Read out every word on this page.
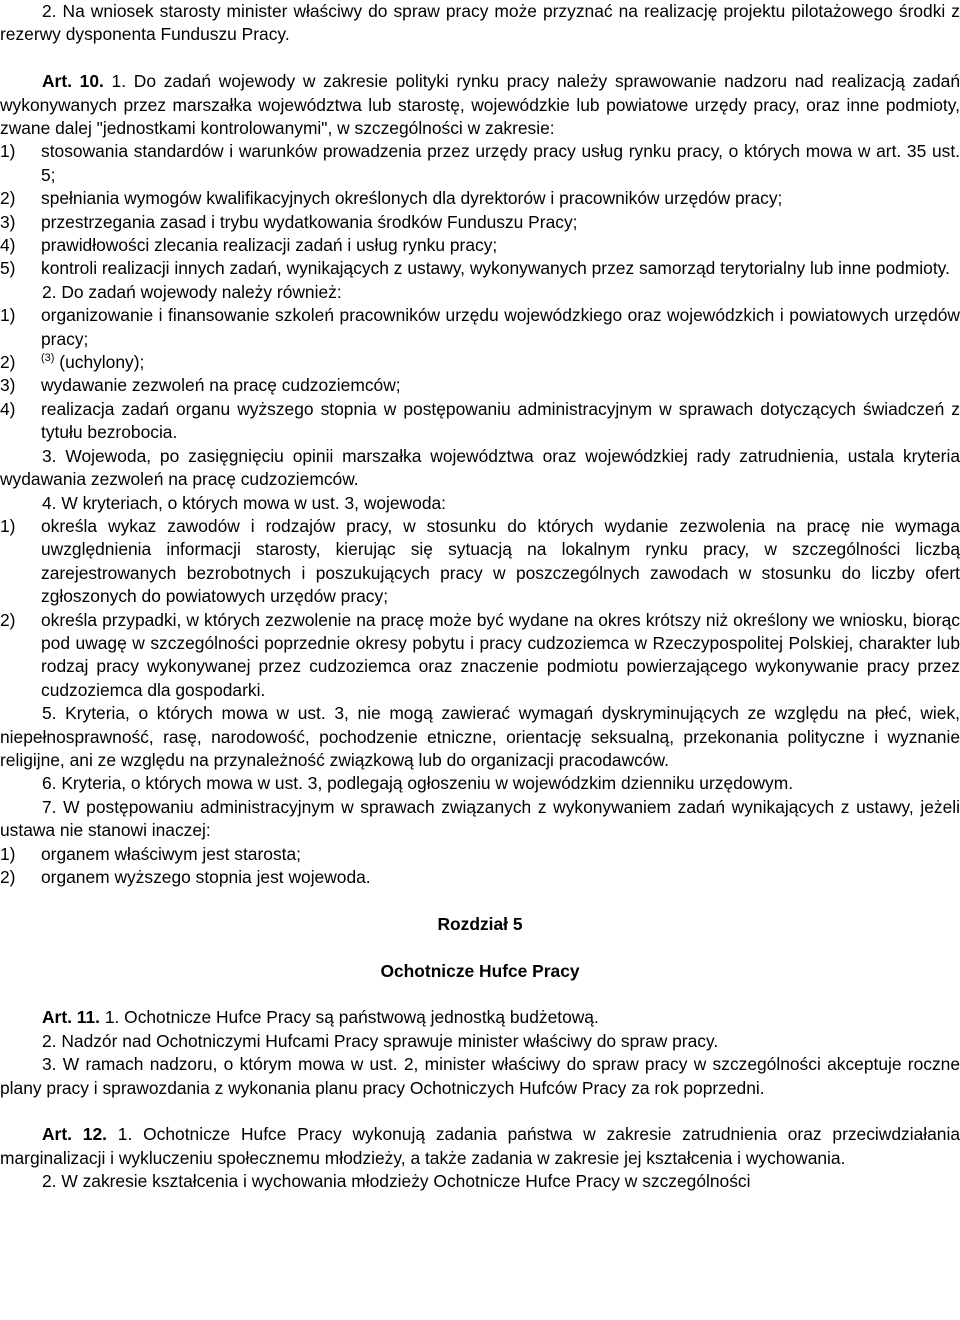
2. Na wniosek starosty minister właściwy do spraw pracy może przyznać na realizację projektu pilotażowego środki z rezerwy dysponenta Funduszu Pracy.

Art. 10. 1. Do zadań wojewody w zakresie polityki rynku pracy należy sprawowanie nadzoru nad realizacją zadań wykonywanych przez marszałka województwa lub starostę, wojewódzkie lub powiatowe urzędy pracy, oraz inne podmioty, zwane dalej "jednostkami kontrolowanymi", w szczególności w zakresie:

1)	stosowania standardów i warunków prowadzenia przez urzędy pracy usług rynku pracy, o których mowa w art. 35 ust. 5;
2)	spełniania wymogów kwalifikacyjnych określonych dla dyrektorów i pracowników urzędów pracy;
3)	przestrzegania zasad i trybu wydatkowania środków Funduszu Pracy;
4)	prawidłowości zlecania realizacji zadań i usług rynku pracy;
5)	kontroli realizacji innych zadań, wynikających z ustawy, wykonywanych przez samorząd terytorialny lub inne podmioty.

2. Do zadań wojewody należy również:

1)	organizowanie i finansowanie szkoleń pracowników urzędu wojewódzkiego oraz wojewódzkich i powiatowych urzędów pracy;
2)	$^{(3)}$ (uchylony);
3)	wydawanie zezwoleń na pracę cudzoziemców;
4)	realizacja zadań organu wyższego stopnia w postępowaniu administracyjnym w sprawach dotyczących świadczeń z tytułu bezrobocia.

3. Wojewoda, po zasięgnięciu opinii marszałka województwa oraz wojewódzkiej rady zatrudnienia, ustala kryteria wydawania zezwoleń na pracę cudzoziemców.

4. W kryteriach, o których mowa w ust. 3, wojewoda:

1)	określa wykaz zawodów i rodzajów pracy, w stosunku do których wydanie zezwolenia na pracę nie wymaga uwzględnienia informacji starosty, kierując się sytuacją na lokalnym rynku pracy, w szczególności liczbą zarejestrowanych bezrobotnych i poszukujących pracy w poszczególnych zawodach w stosunku do liczby ofert zgłoszonych do powiatowych urzędów pracy;
2)	określa przypadki, w których zezwolenie na pracę może być wydane na okres krótszy niż określony we wniosku, biorąc pod uwagę w szczególności poprzednie okresy pobytu i pracy cudzoziemca w Rzeczypospolitej Polskiej, charakter lub rodzaj pracy wykonywanej przez cudzoziemca oraz znaczenie podmiotu powierzającego wykonywanie pracy przez cudzoziemca dla gospodarki.

5. Kryteria, o których mowa w ust. 3, nie mogą zawierać wymagań dyskryminujących ze względu na płeć, wiek, niepełnosprawność, rasę, narodowość, pochodzenie etniczne, orientację seksualną, przekonania polityczne i wyznanie religijne, ani ze względu na przynależność związkową lub do organizacji pracodawców.

6. Kryteria, o których mowa w ust. 3, podlegają ogłoszeniu w wojewódzkim dzienniku urzędowym.

7. W postępowaniu administracyjnym w sprawach związanych z wykonywaniem zadań wynikających z ustawy, jeżeli ustawa nie stanowi inaczej:

1)	organem właściwym jest starosta;
2)	organem wyższego stopnia jest wojewoda.

Rozdział 5

Ochotnicze Hufce Pracy

Art. 11. 1. Ochotnicze Hufce Pracy są państwową jednostką budżetową.

2. Nadzór nad Ochotniczymi Hufcami Pracy sprawuje minister właściwy do spraw pracy.

3. W ramach nadzoru, o którym mowa w ust. 2, minister właściwy do spraw pracy w szczególności akceptuje roczne plany pracy i sprawozdania z wykonania planu pracy Ochotniczych Hufców Pracy za rok poprzedni.

Art. 12. 1. Ochotnicze Hufce Pracy wykonują zadania państwa w zakresie zatrudnienia oraz przeciwdziałania marginalizacji i wykluczeniu społecznemu młodzieży, a także zadania w zakresie jej kształcenia i wychowania.

2. W zakresie kształcenia i wychowania młodzieży Ochotnicze Hufce Pracy w szczególności
